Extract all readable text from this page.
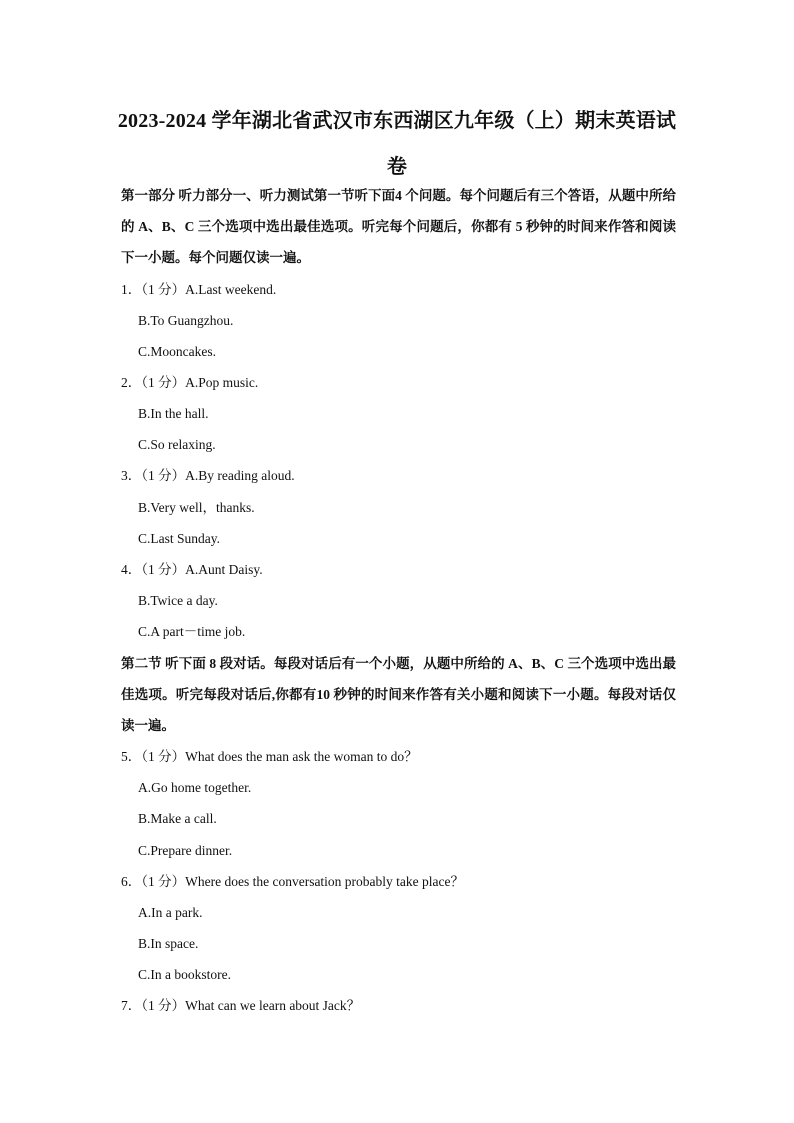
2023-2024 学年湖北省武汉市东西湖区九年级（上）期末英语试卷
第一部分 听力部分一、听力测试第一节听下面4 个问题。每个问题后有三个答语，从题中所给的 A、B、C 三个选项中选出最佳选项。听完每个问题后，你都有 5 秒钟的时间来作答和阅读下一小题。每个问题仅读一遍。
1．（1 分）A.Last weekend.
B.To Guangzhou.
C.Mooncakes.
2．（1 分）A.Pop music.
B.In the hall.
C.So relaxing.
3．（1 分）A.By reading aloud.
B.Very well，thanks.
C.Last Sunday.
4．（1 分）A.Aunt Daisy.
B.Twice a day.
C.A part－time job.
第二节 听下面 8 段对话。每段对话后有一个小题，从题中所给的 A、B、C 三个选项中选出最佳选项。听完每段对话后,你都有10 秒钟的时间来作答有关小题和阅读下一小题。每段对话仅读一遍。
5．（1 分）What does the man ask the woman to do？
A.Go home together.
B.Make a call.
C.Prepare dinner.
6．（1 分）Where does the conversation probably take place？
A.In a park.
B.In space.
C.In a bookstore.
7．（1 分）What can we learn about Jack？
